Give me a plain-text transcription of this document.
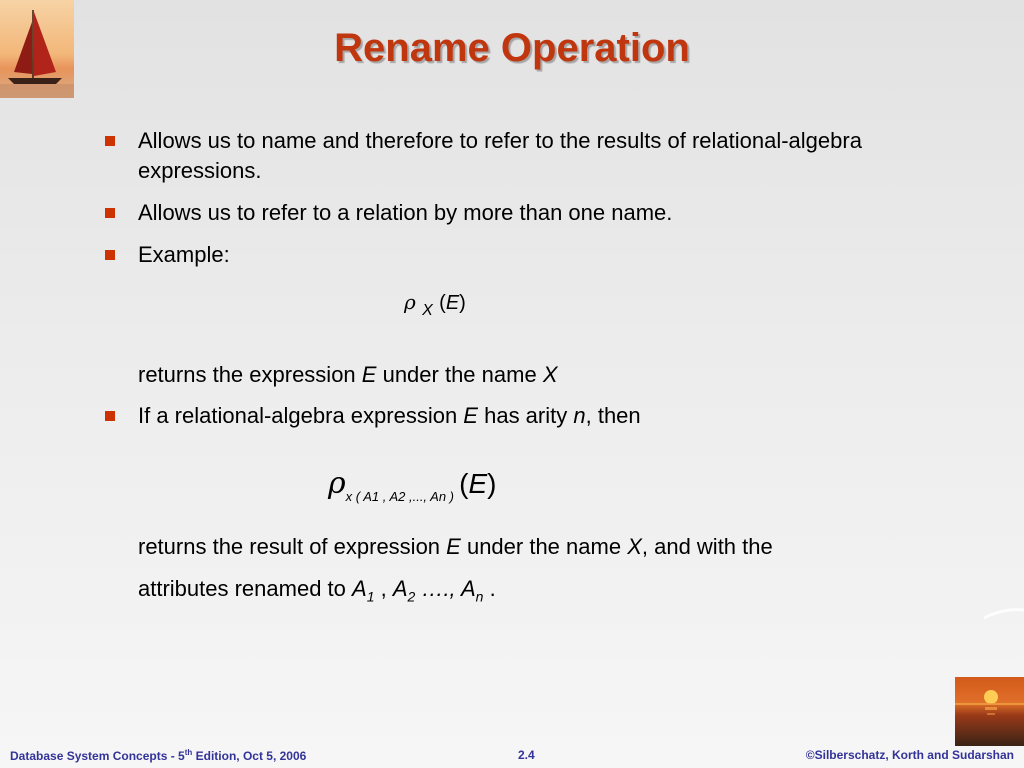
Rename Operation
Allows us to name and therefore to refer to the results of relational-algebra expressions.
Allows us to refer to a relation by more than one name.
Example:
ρ $_X$ (E)
returns the expression E under the name X
If a relational-algebra expression E has arity n, then
$\rho_{x ( A1 , A2 ,..., An )}$ (E)
returns the result of expression E under the name X, and with the
attributes renamed to $A_1$ , $A_2$ …., $A_n$ .
Database System Concepts - 5th Edition, Oct 5, 2006	2.4	©Silberschatz, Korth and Sudarshan
